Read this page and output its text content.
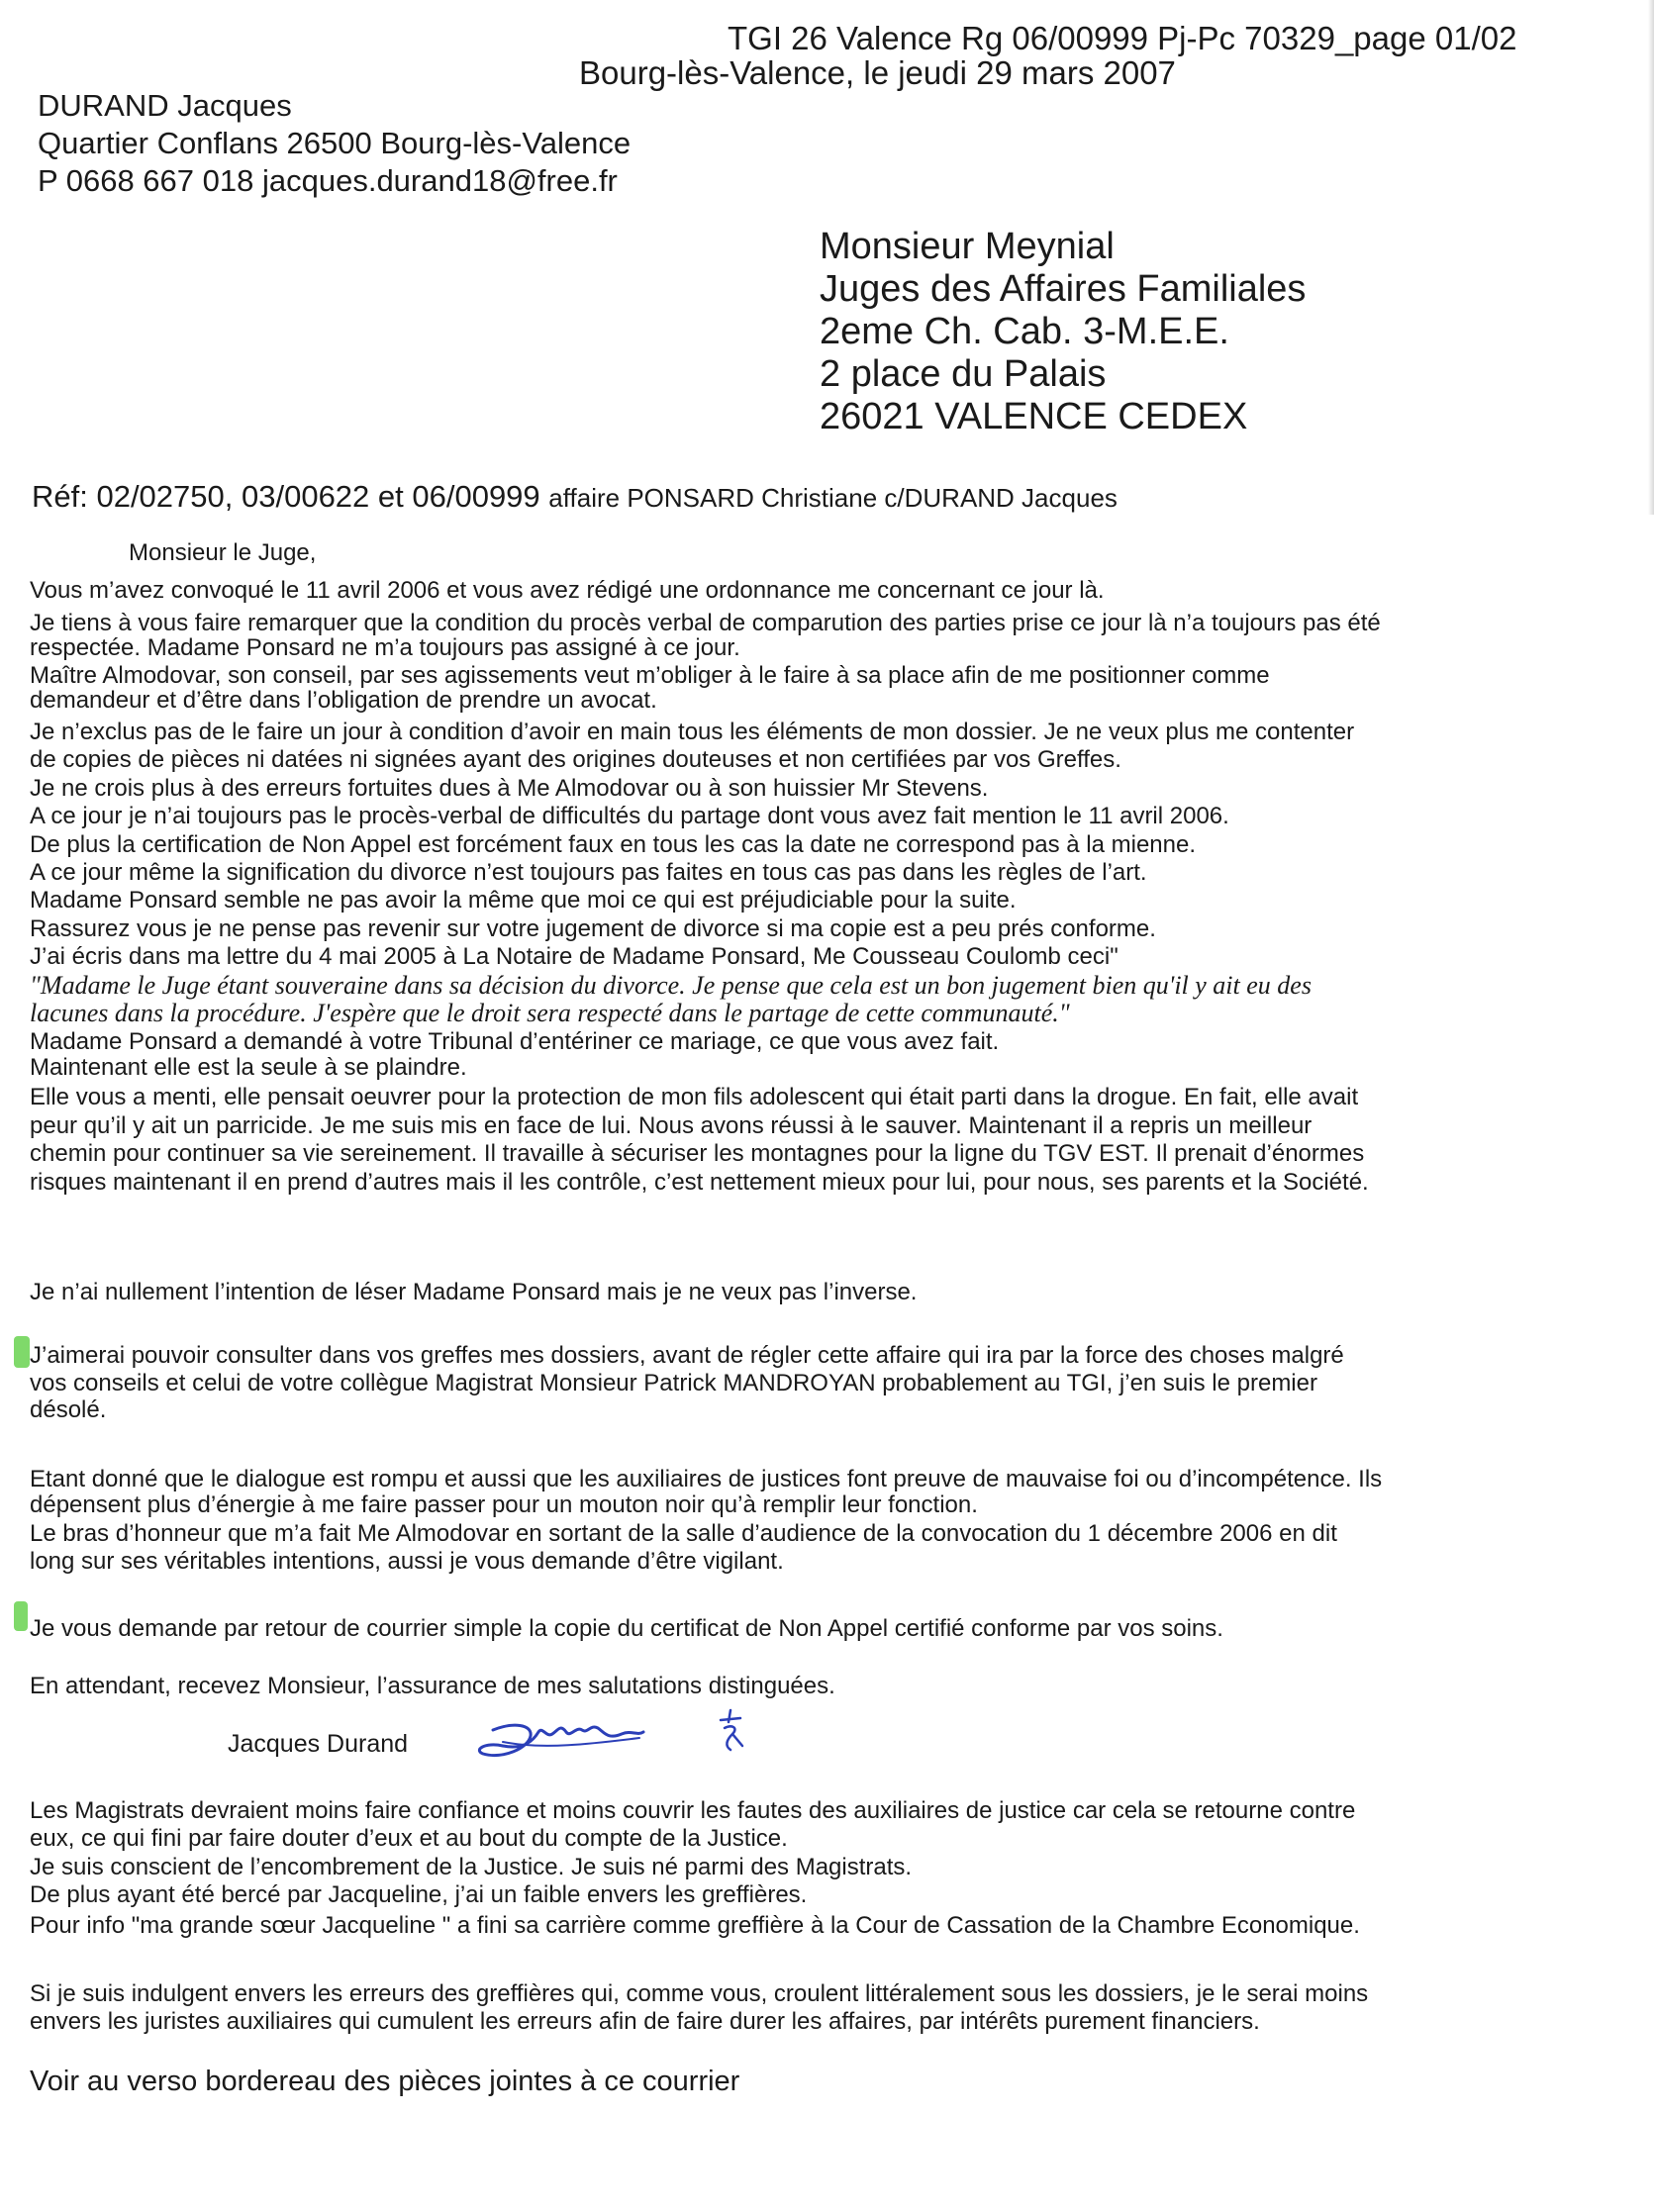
TGI 26 Valence Rg 06/00999 Pj-Pc 70329_page 01/02
Bourg-lès-Valence, le jeudi 29 mars 2007
DURAND Jacques
Quartier Conflans 26500 Bourg-lès-Valence
P 0668 667 018 jacques.durand18@free.fr
Monsieur Meynial
Juges des Affaires Familiales
2eme Ch. Cab. 3-M.E.E.
2 place du Palais
26021 VALENCE CEDEX
Réf: 02/02750, 03/00622 et 06/00999 affaire PONSARD Christiane c/DURAND Jacques
Monsieur le Juge,
Vous m’avez convoqué le 11 avril 2006 et vous avez rédigé une ordonnance me concernant ce jour là.
Je tiens à vous faire remarquer que la condition du procès verbal de comparution des parties prise ce jour là n’a toujours pas été
respectée. Madame Ponsard ne m’a toujours pas assigné à ce jour.
Maître Almodovar, son conseil, par ses agissements veut m’obliger à le faire à sa place afin de me positionner comme
demandeur et d’être dans l’obligation de prendre un avocat.
Je n’exclus pas de le faire un jour à condition d’avoir en main tous les éléments de mon dossier. Je ne veux plus me contenter
de copies de pièces ni datées ni signées ayant des origines douteuses et non certifiées par vos Greffes.
Je ne crois plus à des erreurs fortuites dues à Me Almodovar ou à son huissier Mr Stevens.
A ce jour je n’ai toujours pas le procès-verbal de difficultés du partage dont vous avez fait mention le 11 avril 2006.
De plus la certification de Non Appel est forcément faux en tous les cas la date ne correspond pas à la mienne.
A ce jour même la signification du divorce n’est toujours pas faites en tous cas pas dans les règles de l’art.
Madame Ponsard semble ne pas avoir la même que moi ce qui est préjudiciable pour la suite.
Rassurez vous je ne pense pas revenir sur votre jugement de divorce si ma copie est a peu prés conforme.
J’ai écris dans ma lettre du 4 mai 2005 à La Notaire de Madame Ponsard, Me Cousseau Coulomb ceci"
"Madame le Juge étant souveraine dans sa décision du divorce. Je pense que cela est un bon jugement bien qu'il y ait eu des
lacunes dans la procédure. J'espère que le droit sera respecté dans le partage de cette communauté."
Madame Ponsard a demandé à votre Tribunal d’entériner ce mariage, ce que vous avez fait.
Maintenant elle est la seule à se plaindre.
Elle vous a menti, elle pensait oeuvrer pour la protection de mon fils adolescent qui était parti dans la drogue. En fait, elle avait
peur qu’il y ait un parricide. Je me suis mis en face de lui. Nous avons réussi à le sauver. Maintenant il a repris un meilleur
chemin pour continuer sa vie sereinement. Il travaille à sécuriser les montagnes pour la ligne du TGV EST. Il prenait d’énormes
risques maintenant il en prend d’autres mais il les contrôle, c’est nettement mieux pour lui, pour nous, ses parents et la Société.
Je n’ai nullement l’intention de léser Madame Ponsard mais je ne veux pas l’inverse.
J’aimerai pouvoir consulter dans vos greffes mes dossiers, avant de régler cette affaire qui ira par la force des choses malgré
vos conseils et celui de votre collègue Magistrat Monsieur Patrick MANDROYAN probablement au TGI, j’en suis le premier
désolé.
Etant donné que le dialogue est rompu et aussi que les auxiliaires de justices font preuve de mauvaise foi ou d’incompétence. Ils
dépensent plus d’énergie à me faire passer pour un mouton noir qu’à remplir leur fonction.
Le bras d’honneur que m’a fait Me Almodovar en sortant de la salle d’audience de la convocation du 1 décembre 2006 en dit
long sur ses véritables intentions, aussi je vous demande d’être vigilant.
Je vous demande par retour de courrier simple la copie du certificat de Non Appel certifié conforme par vos soins.
En attendant, recevez Monsieur, l’assurance de mes salutations distinguées.
Jacques Durand
Les Magistrats devraient moins faire confiance et moins couvrir les fautes des auxiliaires de justice car cela se retourne contre
eux, ce qui fini par faire douter d’eux et au bout du compte de la Justice.
Je suis conscient de l’encombrement de la Justice. Je suis né parmi des Magistrats.
De plus ayant été bercé par Jacqueline, j’ai un faible envers les greffières.
Pour info "ma grande sœur Jacqueline " a fini sa carrière comme greffière à la Cour de Cassation de la Chambre Economique.
Si je suis indulgent envers les erreurs des greffières qui, comme vous, croulent littéralement sous les dossiers, je le serai moins
envers les juristes auxiliaires qui cumulent les erreurs afin de faire durer les affaires, par intérêts purement financiers.
Voir au verso bordereau des pièces jointes à ce courrier
